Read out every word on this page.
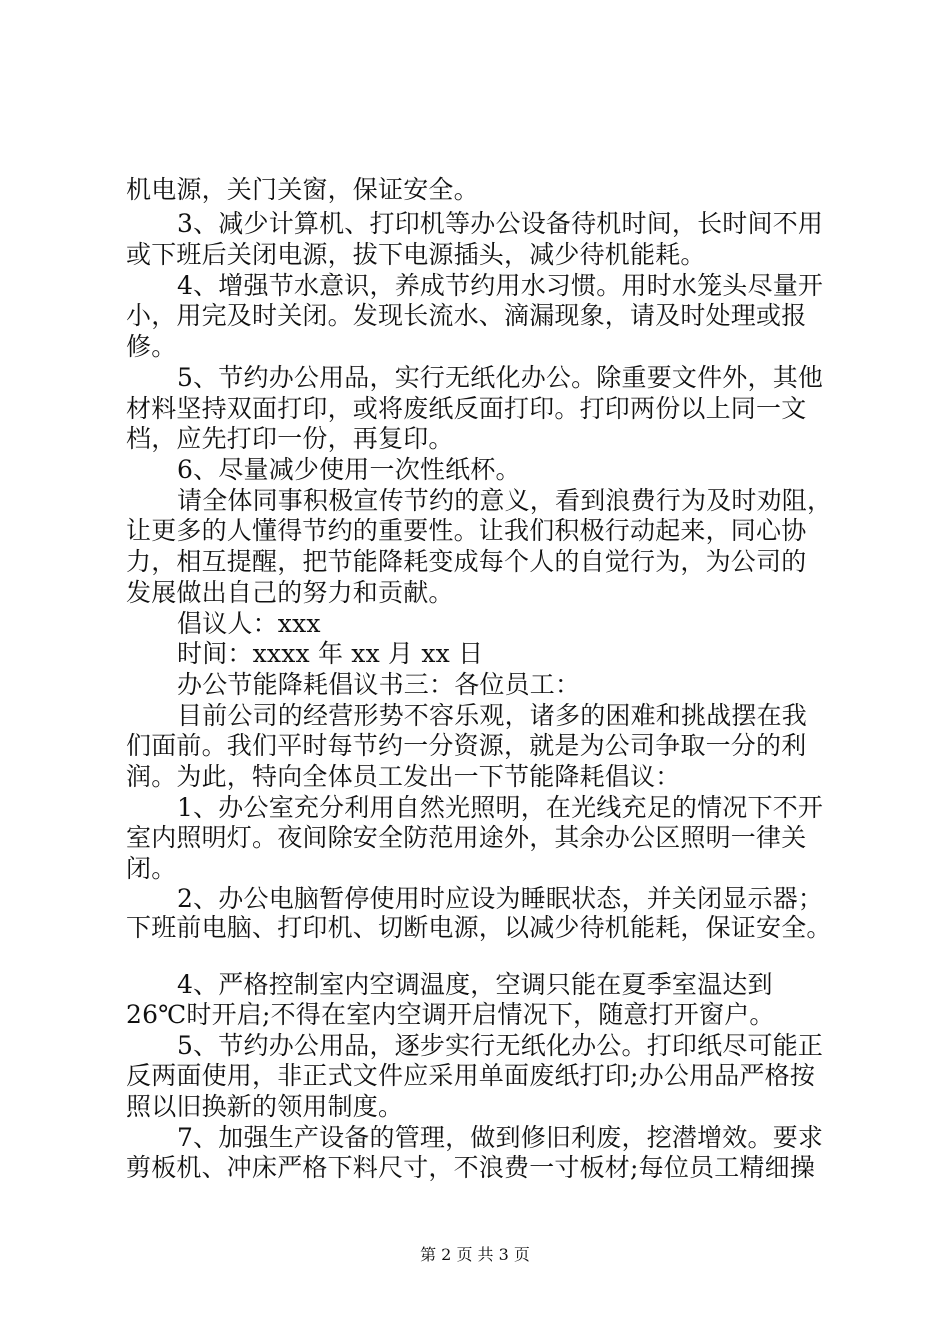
机电源，关门关窗，保证安全。
3、减少计算机、打印机等办公设备待机时间，长时间不用
或下班后关闭电源，拔下电源插头，减少待机能耗。
4、增强节水意识，养成节约用水习惯。用时水笼头尽量开
小，用完及时关闭。发现长流水、滴漏现象，请及时处理或报
修。
5、节约办公用品，实行无纸化办公。除重要文件外，其他
材料坚持双面打印，或将废纸反面打印。打印两份以上同一文
档，应先打印一份，再复印。
6、尽量减少使用一次性纸杯。
请全体同事积极宣传节约的意义，看到浪费行为及时劝阻，
让更多的人懂得节约的重要性。让我们积极行动起来，同心协
力，相互提醒，把节能降耗变成每个人的自觉行为，为公司的
发展做出自己的努力和贡献。
倡议人：xxx
时间：xxxx 年 xx 月 xx 日
办公节能降耗倡议书三：各位员工：
目前公司的经营形势不容乐观，诸多的困难和挑战摆在我
们面前。我们平时每节约一分资源，就是为公司争取一分的利
润。为此，特向全体员工发出一下节能降耗倡议：
1、办公室充分利用自然光照明，在光线充足的情况下不开
室内照明灯。夜间除安全防范用途外，其余办公区照明一律关
闭。
2、办公电脑暂停使用时应设为睡眠状态，并关闭显示器；
下班前电脑、打印机、切断电源，以减少待机能耗，保证安全。
4、严格控制室内空调温度，空调只能在夏季室温达到
26℃时开启;不得在室内空调开启情况下，随意打开窗户。
5、节约办公用品，逐步实行无纸化办公。打印纸尽可能正
反两面使用，非正式文件应采用单面废纸打印;办公用品严格按
照以旧换新的领用制度。
7、加强生产设备的管理，做到修旧利废，挖潜增效。要求
剪板机、冲床严格下料尺寸，不浪费一寸板材;每位员工精细操
第 2 页 共 3 页
